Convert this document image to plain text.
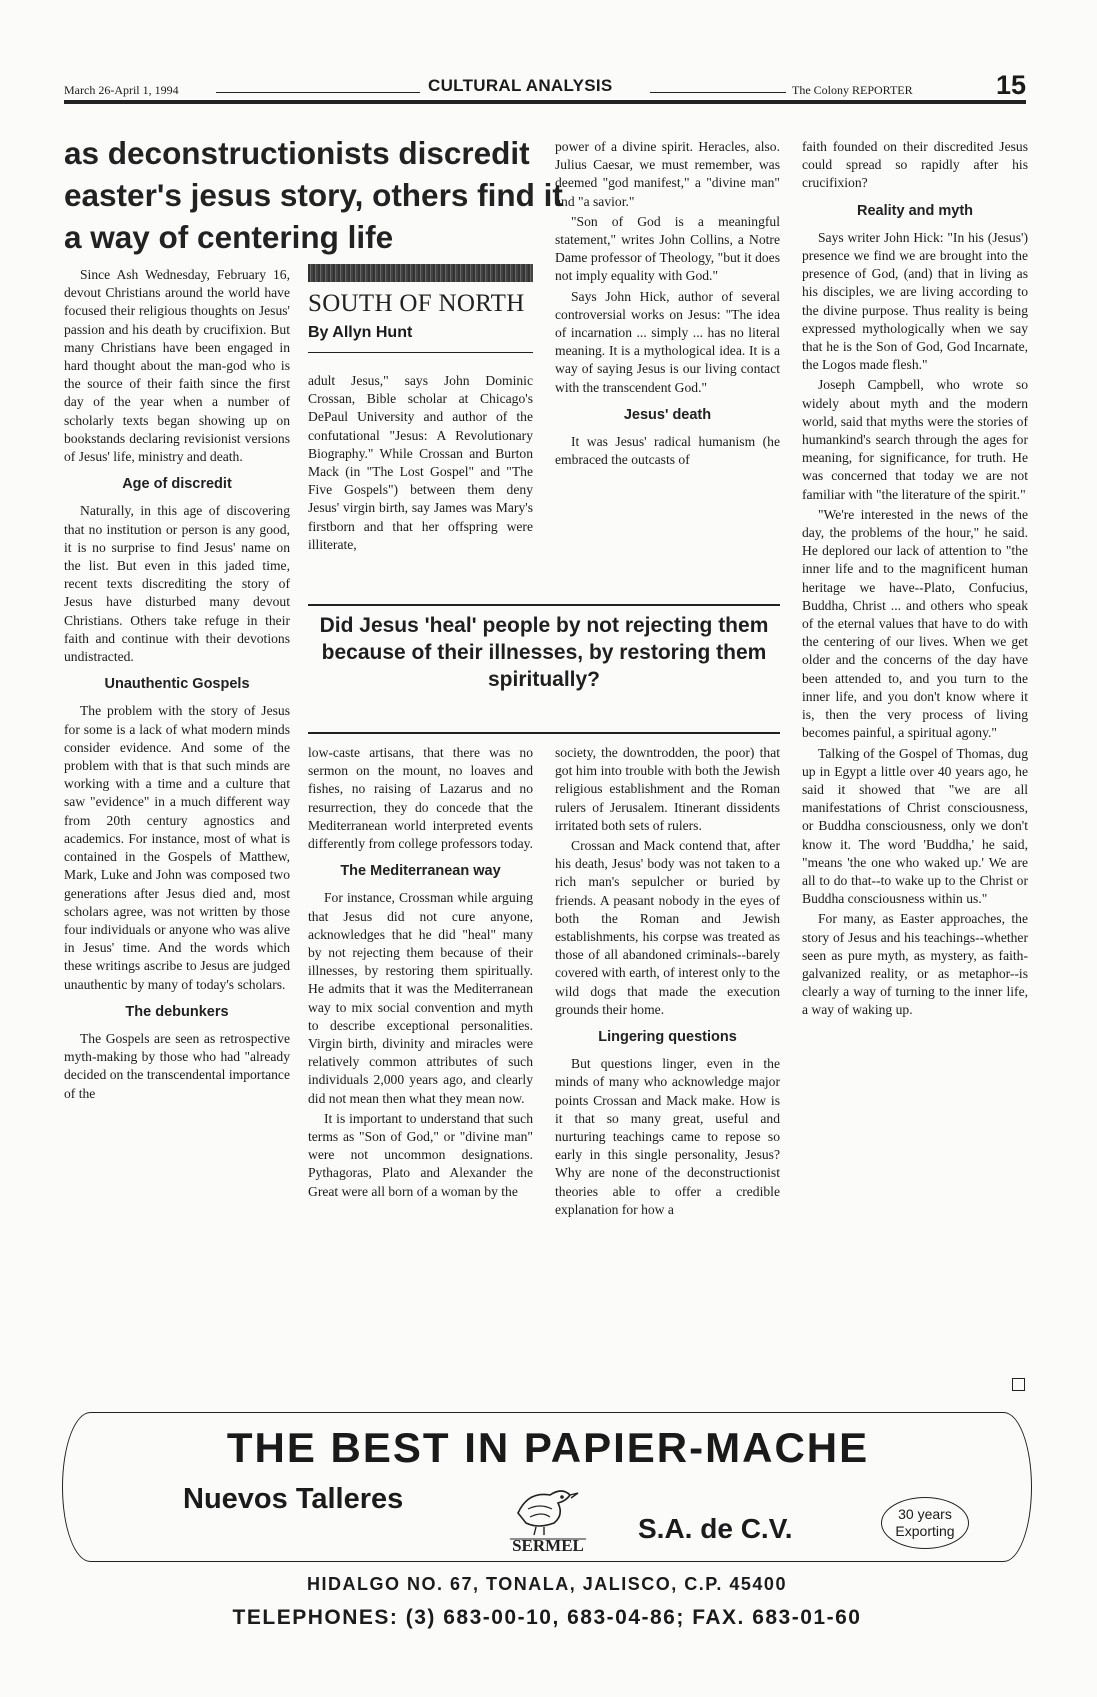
March 26-April 1, 1994	CULTURAL ANALYSIS	The Colony REPORTER	15
as deconstructionists discredit easter's jesus story, others find it a way of centering life

Since Ash Wednesday, February 16, devout Christians around the world have focused their religious thoughts on Jesus' passion and his death by crucifixion. But many Christians have been engaged in hard thought about the man-god who is the source of their faith since the first day of the year when a number of scholarly texts began showing up on bookstands declaring revisionist versions of Jesus' life, ministry and death.

Age of discredit

Naturally, in this age of discovering that no institution or person is any good, it is no surprise to find Jesus' name on the list. But even in this jaded time, recent texts discrediting the story of Jesus have disturbed many devout Christians. Others take refuge in their faith and continue with their devotions undistracted.

Unauthentic Gospels

The problem with the story of Jesus for some is a lack of what modern minds consider evidence. And some of the problem with that is that such minds are working with a time and a culture that saw "evidence" in a much different way from 20th century agnostics and academics. For instance, most of what is contained in the Gospels of Matthew, Mark, Luke and John was composed two generations after Jesus died and, most scholars agree, was not written by those four individuals or anyone who was alive in Jesus' time. And the words which these writings ascribe to Jesus are judged unauthentic by many of today's scholars.

The debunkers

The Gospels are seen as retrospective myth-making by those who had "already decided on the transcendental importance of the

SOUTH OF NORTH
By Allyn Hunt

adult Jesus," says John Dominic Crossan, Bible scholar at Chicago's DePaul University and author of the confutational "Jesus: A Revolutionary Biography." While Crossan and Burton Mack (in "The Lost Gospel" and "The Five Gospels") between them deny Jesus' virgin birth, say James was Mary's firstborn and that her offspring were illiterate,

power of a divine spirit. Heracles, also. Julius Caesar, we must remember, was deemed "god manifest," a "divine man" and "a savior."

"Son of God is a meaningful statement," writes John Collins, a Notre Dame professor of Theology, "but it does not imply equality with God."

Says John Hick, author of several controversial works on Jesus: "The idea of incarnation ... simply ... has no literal meaning. It is a mythological idea. It is a way of saying Jesus is our living contact with the transcendent God."

Jesus' death

It was Jesus' radical humanism (he embraced the outcasts of

Did Jesus 'heal' people by not rejecting them because of their illnesses, by restoring them spiritually?

low-caste artisans, that there was no sermon on the mount, no loaves and fishes, no raising of Lazarus and no resurrection, they do concede that the Mediterranean world interpreted events differently from college professors today.

The Mediterranean way

For instance, Crossman while arguing that Jesus did not cure anyone, acknowledges that he did "heal" many by not rejecting them because of their illnesses, by restoring them spiritually. He admits that it was the Mediterranean way to mix social convention and myth to describe exceptional personalities. Virgin birth, divinity and miracles were relatively common attributes of such individuals 2,000 years ago, and clearly did not mean then what they mean now.

It is important to understand that such terms as "Son of God," or "divine man" were not uncommon designations. Pythagoras, Plato and Alexander the Great were all born of a woman by the

society, the downtrodden, the poor) that got him into trouble with both the Jewish religious establishment and the Roman rulers of Jerusalem. Itinerant dissidents irritated both sets of rulers.

Crossan and Mack contend that, after his death, Jesus' body was not taken to a rich man's sepulcher or buried by friends. A peasant nobody in the eyes of both the Roman and Jewish establishments, his corpse was treated as those of all abandoned criminals--barely covered with earth, of interest only to the wild dogs that made the execution grounds their home.

Lingering questions

But questions linger, even in the minds of many who acknowledge major points Crossan and Mack make. How is it that so many great, useful and nurturing teachings came to repose so early in this single personality, Jesus? Why are none of the deconstructionist theories able to offer a credible explanation for how a

faith founded on their discredited Jesus could spread so rapidly after his crucifixion?

Reality and myth

Says writer John Hick: "In his (Jesus') presence we find we are brought into the presence of God, (and) that in living as his disciples, we are living according to the divine purpose. Thus reality is being expressed mythologically when we say that he is the Son of God, God Incarnate, the Logos made flesh."

Joseph Campbell, who wrote so widely about myth and the modern world, said that myths were the stories of humankind's search through the ages for meaning, for significance, for truth. He was concerned that today we are not familiar with "the literature of the spirit."

"We're interested in the news of the day, the problems of the hour," he said. He deplored our lack of attention to "the inner life and to the magnificent human heritage we have--Plato, Confucius, Buddha, Christ ... and others who speak of the eternal values that have to do with the centering of our lives. When we get older and the concerns of the day have been attended to, and you turn to the inner life, and you don't know where it is, then the very process of living becomes painful, a spiritual agony."

Talking of the Gospel of Thomas, dug up in Egypt a little over 40 years ago, he said it showed that "we are all manifestations of Christ consciousness, or Buddha consciousness, only we don't know it. The word 'Buddha,' he said, "means 'the one who waked up.' We are all to do that--to wake up to the Christ or Buddha consciousness within us."

For many, as Easter approaches, the story of Jesus and his teachings--whether seen as pure myth, as mystery, as faith-galvanized reality, or as metaphor--is clearly a way of turning to the inner life, a way of waking up.

THE BEST IN PAPIER-MACHE
Nuevos Talleres
SERMEL
S.A. de C.V.	30 years
Exporting
HIDALGO NO. 67, TONALA, JALISCO, C.P. 45400
TELEPHONES: (3) 683-00-10, 683-04-86; FAX. 683-01-60
